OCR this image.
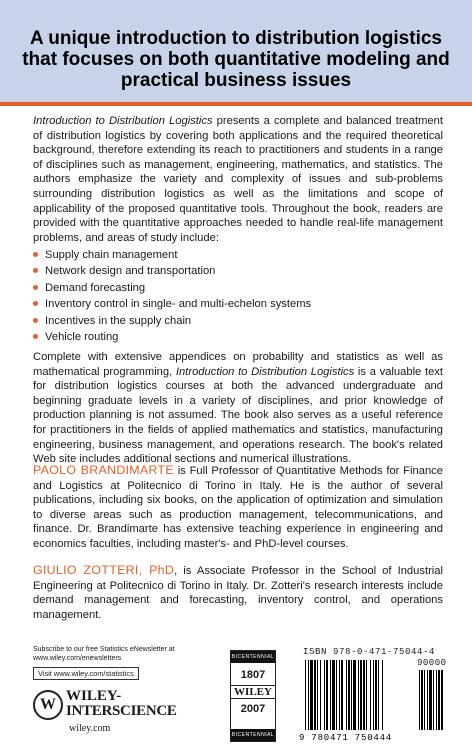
A unique introduction to distribution logistics that focuses on both quantitative modeling and practical business issues

Introduction to Distribution Logistics presents a complete and balanced treatment of distribution logistics by covering both applications and the required theoretical background, therefore extending its reach to practitioners and students in a range of disciplines such as management, engineering, mathematics, and statistics. The authors emphasize the variety and complexity of issues and sub-problems surrounding distribution logistics as well as the limitations and scope of applicability of the proposed quantitative tools. Throughout the book, readers are provided with the quantitative approaches needed to handle real-life management problems, and areas of study include:

Supply chain management
Network design and transportation
Demand forecasting
Inventory control in single- and multi-echelon systems
Incentives in the supply chain
Vehicle routing

Complete with extensive appendices on probability and statistics as well as mathematical programming, Introduction to Distribution Logistics is a valuable text for distribution logistics courses at both the advanced undergraduate and beginning graduate levels in a variety of disciplines, and prior knowledge of production planning is not assumed. The book also serves as a useful reference for practitioners in the fields of applied mathematics and statistics, manufacturing engineering, business management, and operations research. The book's related Web site includes additional sections and numerical illustrations.

PAOLO BRANDIMARTE is Full Professor of Quantitative Methods for Finance and Logistics at Politecnico di Torino in Italy. He is the author of several publications, including six books, on the application of optimization and simulation to diverse areas such as production management, telecommunications, and finance. Dr. Brandimarte has extensive teaching experience in engineering and economics faculties, including master's- and PhD-level courses.

GIULIO ZOTTERI, PhD, is Associate Professor in the School of Industrial Engineering at Politecnico di Torino in Italy. Dr. Zotteri's research interests include demand management and forecasting, inventory control, and operations management.

Subscribe to our free Statistics eNewsletter at

www.wiley.com/enewsletters

Visit www.wiley.com/statistics
W WILEY-
INTERSCIENCE
wiley.com
BICENTENNIAL
1807
WILEY
2007
BICENTENNIAL
ISBN 978-0-471-75044-4
90000
9 780471 750444
